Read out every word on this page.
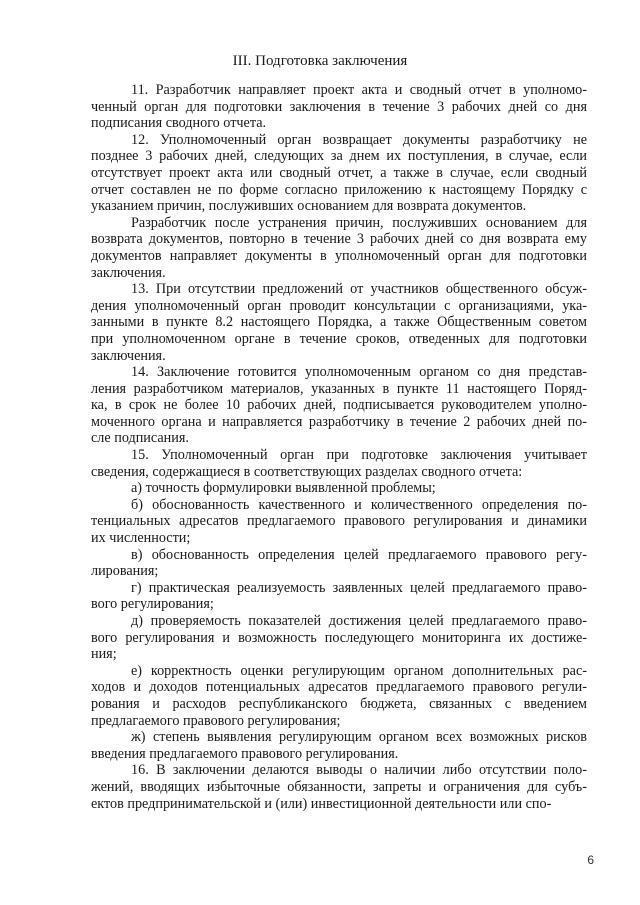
III. Подготовка заключения

11. Разработчик направляет проект акта и сводный отчет в уполномо-
ченный орган для подготовки заключения в течение 3 рабочих дней со дня
подписания сводного отчета.

12. Уполномоченный орган возвращает документы разработчику не
позднее 3 рабочих дней, следующих за днем их поступления, в случае, если
отсутствует проект акта или сводный отчет, а также в случае, если сводный
отчет составлен не по форме согласно приложению к настоящему Порядку с
указанием причин, послуживших основанием для возврата документов.

Разработчик после устранения причин, послуживших основанием для
возврата документов, повторно в течение 3 рабочих дней со дня возврата ему
документов направляет документы в уполномоченный орган для подготовки
заключения.

13. При отсутствии предложений от участников общественного обсуж-
дения уполномоченный орган проводит консультации с организациями, ука-
занными в пункте 8.2 настоящего Порядка, а также Общественным советом
при уполномоченном органе в течение сроков, отведенных для подготовки
заключения.

14. Заключение готовится уполномоченным органом со дня представ-
ления разработчиком материалов, указанных в пункте 11 настоящего Поряд-
ка, в срок не более 10 рабочих дней, подписывается руководителем уполно-
моченного органа и направляется разработчику в течение 2 рабочих дней по-
сле подписания.

15. Уполномоченный орган при подготовке заключения учитывает
сведения, содержащиеся в соответствующих разделах сводного отчета:

а) точность формулировки выявленной проблемы;

б) обоснованность качественного и количественного определения по-
тенциальных адресатов предлагаемого правового регулирования и динамики
их численности;

в) обоснованность определения целей предлагаемого правового регу-
лирования;

г) практическая реализуемость заявленных целей предлагаемого право-
вого регулирования;

д) проверяемость показателей достижения целей предлагаемого право-
вого регулирования и возможность последующего мониторинга их достиже-
ния;

е) корректность оценки регулирующим органом дополнительных рас-
ходов и доходов потенциальных адресатов предлагаемого правового регули-
рования и расходов республиканского бюджета, связанных с введением
предлагаемого правового регулирования;

ж) степень выявления регулирующим органом всех возможных рисков
введения предлагаемого правового регулирования.

16. В заключении делаются выводы о наличии либо отсутствии поло-
жений, вводящих избыточные обязанности, запреты и ограничения для субъ-
ектов предпринимательской и (или) инвестиционной деятельности или спо-

6
